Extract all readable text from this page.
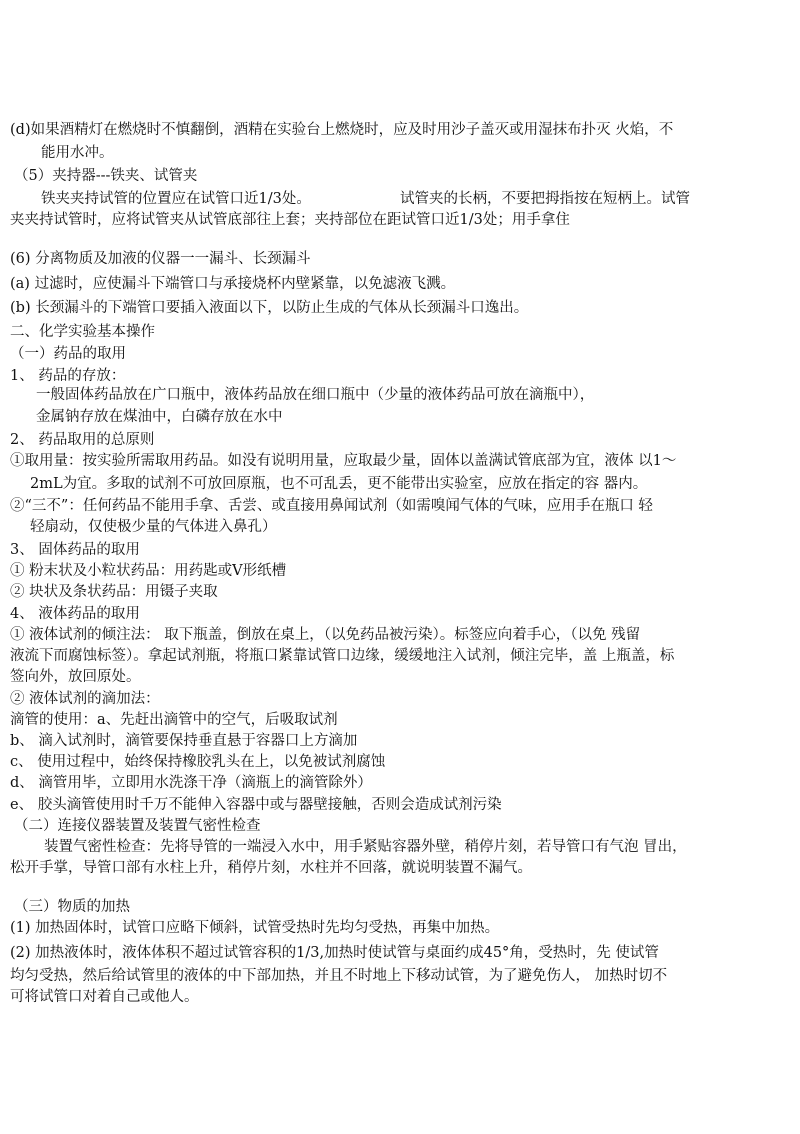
(d)如果酒精灯在燃烧时不慎翻倒，酒精在实验台上燃烧时，应及时用沙子盖灭或用湿抹布扑灭 火焰，不
能用水冲。
（5）夹持器---铁夹、试管夹
铁夹夹持试管的位置应在试管口近1/3处。	试管夹的长柄，不要把拇指按在短柄上。试管
夹夹持试管时，应将试管夹从试管底部往上套；夹持部位在距试管口近1/3处；用手拿住
(6) 分离物质及加液的仪器一一漏斗、长颈漏斗
(a) 过滤时，应使漏斗下端管口与承接烧杯内壁紧靠，以免滤液飞溅。
(b) 长颈漏斗的下端管口要插入液面以下，以防止生成的气体从长颈漏斗口逸出。
二、化学实验基本操作
（一）药品的取用
1、 药品的存放：
一般固体药品放在广口瓶中，液体药品放在细口瓶中（少量的液体药品可放在滴瓶中），
金属钠存放在煤油中，白磷存放在水中
2、 药品取用的总原则
①取用量：按实验所需取用药品。如没有说明用量，应取最少量，固体以盖满试管底部为宜，液体 以1～
2mL为宜。多取的试剂不可放回原瓶，也不可乱丢，更不能带出实验室，应放在指定的容 器内。
②“三不”：任何药品不能用手拿、舌尝、或直接用鼻闻试剂（如需嗅闻气体的气味，应用手在瓶口 轻
轻扇动，仅使极少量的气体进入鼻孔）
3、 固体药品的取用
① 粉末状及小粒状药品：用药匙或V形纸槽
② 块状及条状药品：用镊子夹取
4、 液体药品的取用
① 液体试剂的倾注法： 取下瓶盖，倒放在桌上，（以免药品被污染）。标签应向着手心，（以免 残留
液流下而腐蚀标签）。拿起试剂瓶，将瓶口紧靠试管口边缘，缓缓地注入试剂，倾注完毕，盖 上瓶盖，标
签向外，放回原处。
② 液体试剂的滴加法：
滴管的使用：a、先赶出滴管中的空气，后吸取试剂
b、 滴入试剂时，滴管要保持垂直悬于容器口上方滴加
c、 使用过程中，始终保持橡胶乳头在上，以免被试剂腐蚀
d、 滴管用毕，立即用水洗涤干净（滴瓶上的滴管除外）
e、 胶头滴管使用时千万不能伸入容器中或与器壁接触，否则会造成试剂污染
（二）连接仪器装置及装置气密性检查
装置气密性检查：先将导管的一端浸入水中，用手紧贴容器外壁，稍停片刻，若导管口有气泡 冒出，
松开手掌，导管口部有水柱上升，稍停片刻，水柱并不回落，就说明装置不漏气。
（三）物质的加热
(1) 加热固体时，试管口应略下倾斜，试管受热时先均匀受热，再集中加热。
(2) 加热液体时，液体体积不超过试管容积的1/3,加热时使试管与桌面约成45°角，受热时，先 使试管
均匀受热，然后给试管里的液体的中下部加热，并且不时地上下移动试管，为了避免伤人， 加热时切不
可将试管口对着自己或他人。
